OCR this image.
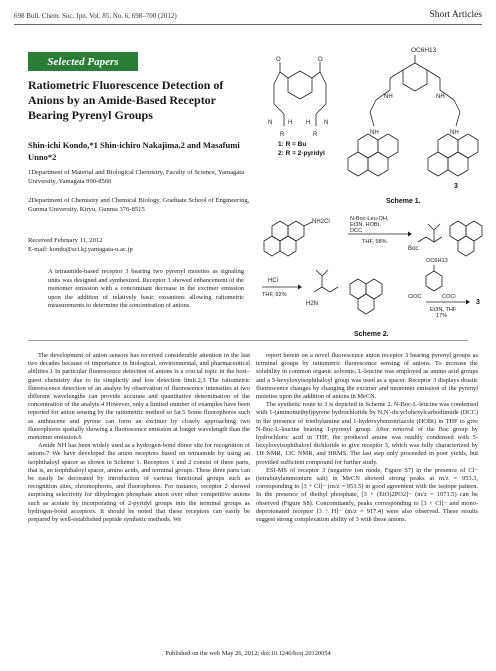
698 Bull. Chem. Soc. Jpn. Vol. 85, No. 6, 698–700 (2012)	Short Articles
Selected Papers
Ratiometric Fluorescence Detection of Anions by an Amide-Based Receptor Bearing Pyrenyl Groups
Shin-ichi Kondo,*1 Shin-ichiro Nakajima,2 and Masafumi Unno*2
1Department of Material and Biological Chemistry, Faculty of Science, Yamagata University, Yamagata 990-8560
2Department of Chemistry and Chemical Biology, Graduate School of Engineering, Gunma University, Kiryu, Gunma 376-8515
Received February 11, 2012
E-mail: kondo@sci.kj.yamagata-u.ac.jp
A tetraamide-based receptor 3 bearing two pyrenyl moieties as signaling units was designed and synthesized. Receptor 3 showed enhancement of the monomer emission with a concomitant decrease in the excimer emission upon the addition of relatively basic oxoanions allowing ratiometric measurements to determine the concentration of anions.
O	O
N	N
R	R
H H
1: R = Bu
2: R = 2-pyridyl
OC6H13
NH	NH
NH	NH
3
Scheme 1.
NH2Cl	N-Boc-Leu-OH,
Et3N, HOBt,
DCC
THF, 58%
Boc
HCl
THF, 92%
H2N
OC6H13
ClOC	COCl
3
Et3N, THF
17%
Scheme 2.

The development of anion sensors has received considerable attention in the last two decades because of importance in biological, environmental, and pharmaceutical abilities.1 In particular fluorescence detection of anions is a crucial topic in the host–guest chemistry due to its simplicity and low detection limit.2,3 The ratiometric fluorescence detection of an analyte by observation of fluorescence intensities at two different wavelengths can provide accurate and quantitative determination of the concentration of the analyte.4 However, only a limited number of examples have been reported for anion sensing by the ratiometric method so far.5 Some fluorophores such as anthracene and pyrene can form an excimer by closely approaching two fluorophores spatially showing a fluorescence emission at longer wavelength than the monomer emission.6

Amide NH has been widely used as a hydrogen-bond donor site for recognition of anions.7 We have developed the anion receptors based on tetraamide by using an isophthaloyl spacer as shown in Scheme 1. Receptors 1 and 2 consist of three parts, that is, an isophthaloyl spacer, amino acids, and terminal groups. These three parts can be easily be decorated by introduction of various functional groups such as recognition sites, chromophores, and fluorophores. For instance, receptor 2 showed surprising selectivity for dihydrogen phosphate anion over other competitive anions such as acetate by incorporating of 2-pyridyl groups into the terminal groups as hydrogen-bond acceptors. It should be noted that these receptors can easily be prepared by well-established peptide synthetic methods. We

report herein on a novel fluorescence anion receptor 3 bearing pyrenyl groups as terminal groups by ratiometric fluorescence sensing of anions. To increase the solubility in common organic solvents, L-leucine was employed as amino acid groups and a 5-hexyloxyisophthaloyl group was used as a spacer. Receptor 3 displays drastic fluorescence changes by changing the excimer and monomer emission of the pyrenyl moieties upon the addition of anions in MeCN.

The synthetic route to 3 is depicted in Scheme 2. N-Boc-L-leucine was condensed with 1-(aminomethyl)pyrene hydrochloride by N,N′-dicyclohexylcarbodiimide (DCC) in the presence of triethylamine and 1-hydroxybenzotriazole (HOBt) in THF to give N-Boc-L-leucine bearing 1-pyrenyl group. After removal of the Boc group by hydrochloric acid in THF, the produced amine was readily condensed with 5-hexyloxyisophthaloyl dichloride to give receptor 3, which was fully characterized by 1H NMR, 13C NMR, and HRMS. The last step only proceeded in poor yields, but provided sufficient compound for further study.

ESI-MS of receptor 3 (negative ion mode, Figure S7) in the presence of Cl− (tetrabutylammonium salt) in MeCN showed strong peaks at m/z = 953.3, corresponding to [3 + Cl]− (m/z = 953.5) in good agreement with the isotope pattern. In the presence of diethyl phosphate, [3 + (EtO)2PO2]− (m/z = 1071.5) can be observed (Figure S8). Concomitantly, peaks corresponding to [3 + Cl]− and mono-deprotonated receptor [3 − H]− (m/z = 917.4) were also observed. These results suggest strong complexation ability of 3 with these anions.

Published on the web May 26, 2012; doi:10.1246/bcsj.20120054
